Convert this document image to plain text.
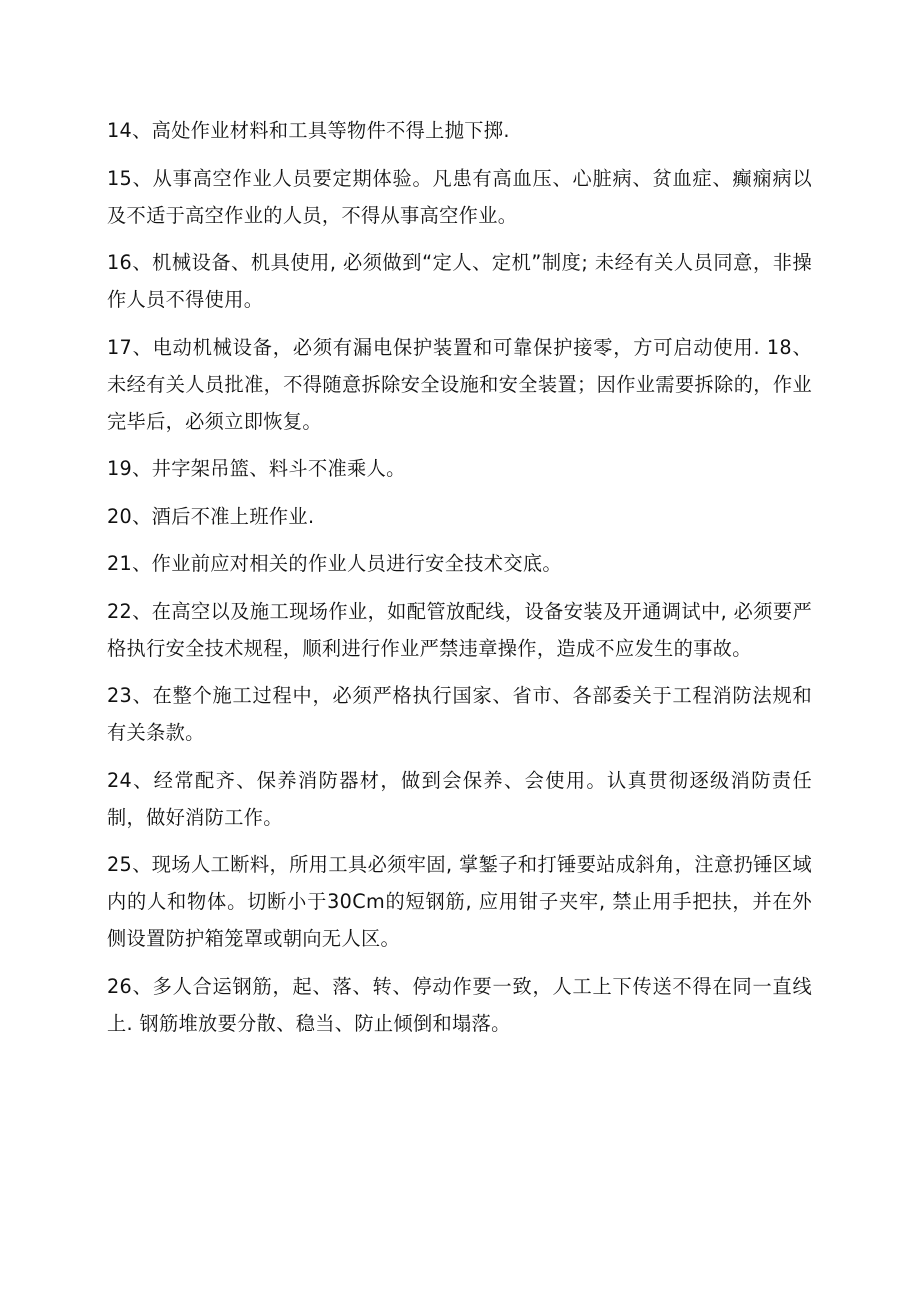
14、高处作业材料和工具等物件不得上抛下掷.

15、从事高空作业人员要定期体验。凡患有高血压、心脏病、贫血症、癫痫病以及不适于高空作业的人员，不得从事高空作业。

16、机械设备、机具使用, 必须做到“定人、定机”制度; 未经有关人员同意，非操作人员不得使用。

17、电动机械设备，必须有漏电保护装置和可靠保护接零，方可启动使用. 18、未经有关人员批准，不得随意拆除安全设施和安全装置；因作业需要拆除的，作业完毕后，必须立即恢复。

19、井字架吊篮、料斗不准乘人。

20、酒后不准上班作业.

21、作业前应对相关的作业人员进行安全技术交底。

22、在高空以及施工现场作业，如配管放配线，设备安装及开通调试中, 必须要严格执行安全技术规程，顺利进行作业严禁违章操作，造成不应发生的事故。

23、在整个施工过程中，必须严格执行国家、省市、各部委关于工程消防法规和有关条款。

24、经常配齐、保养消防器材，做到会保养、会使用。认真贯彻逐级消防责任制，做好消防工作。

25、现场人工断料，所用工具必须牢固, 掌錾子和打锤要站成斜角，注意扔锤区域内的人和物体。切断小于30Cm的短钢筋, 应用钳子夹牢, 禁止用手把扶，并在外侧设置防护箱笼罩或朝向无人区。

26、多人合运钢筋，起、落、转、停动作要一致，人工上下传送不得在同一直线上. 钢筋堆放要分散、稳当、防止倾倒和塌落。
